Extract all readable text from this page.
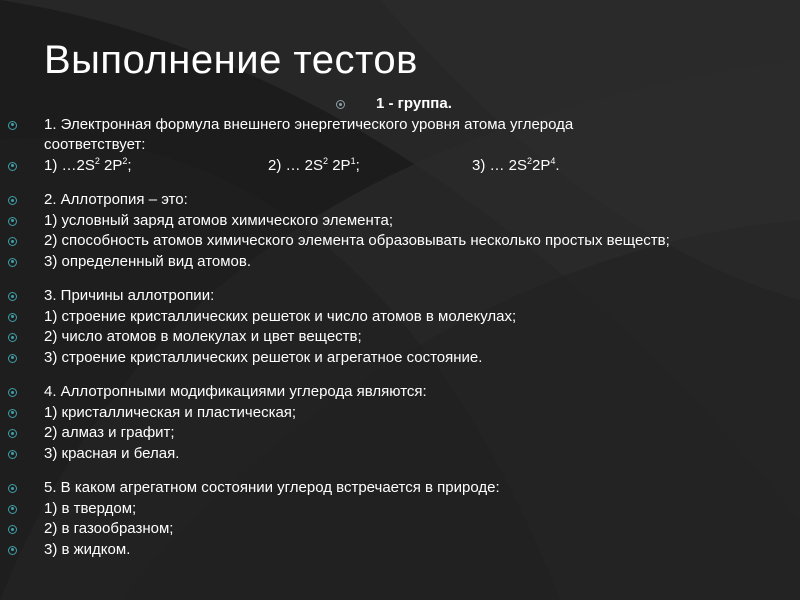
Выполнение тестов
1 - группа.
1. Электронная формула внешнего энергетического уровня атома углерода
соответствует:
1) $\dots 2S^2$ $2P^2$;	2) … $2S^2$ $2P^1$;	3) … $2S^22P^4$.
2. Аллотропия – это:
1) условный заряд атомов химического элемента;
2) способность атомов химического элемента образовывать несколько простых веществ;
3) определенный вид атомов.
3. Причины аллотропии:
1) строение кристаллических решеток и число атомов в молекулах;
2) число атомов в молекулах и цвет веществ;
3) строение кристаллических решеток и агрегатное состояние.
4. Аллотропными модификациями углерода являются:
1) кристаллическая и пластическая;
2) алмаз и графит;
3) красная и белая.
5. В каком агрегатном состоянии углерод встречается в природе:
1) в твердом;
2) в газообразном;
3) в жидком.
